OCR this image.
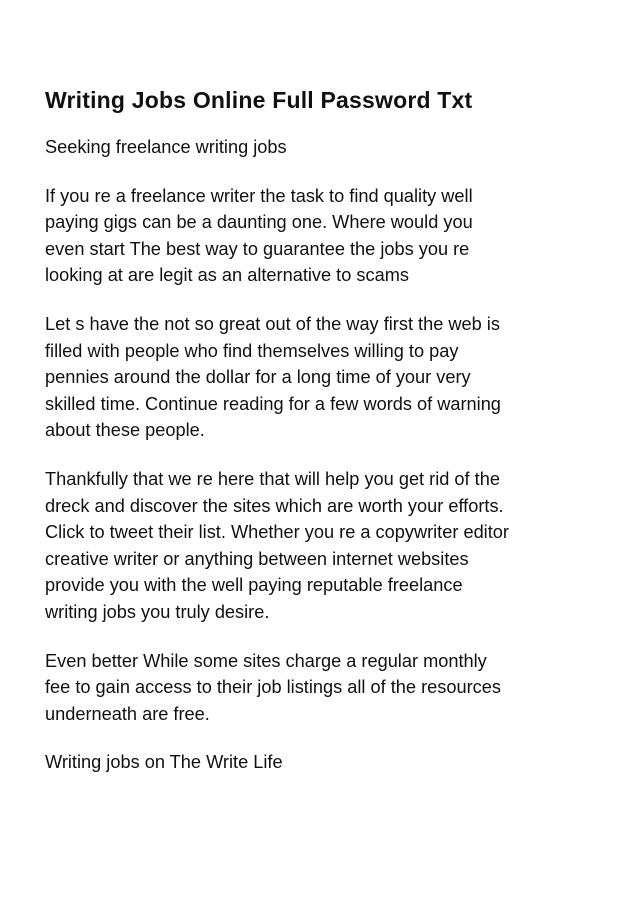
Writing Jobs Online Full Password Txt

Seeking freelance writing jobs

If you re a freelance writer the task to find quality well
paying gigs can be a daunting one. Where would you
even start The best way to guarantee the jobs you re
looking at are legit as an alternative to scams

Let s have the not so great out of the way first the web is
filled with people who find themselves willing to pay
pennies around the dollar for a long time of your very
skilled time. Continue reading for a few words of warning
about these people.

Thankfully that we re here that will help you get rid of the
dreck and discover the sites which are worth your efforts.
Click to tweet their list. Whether you re a copywriter editor
creative writer or anything between internet websites
provide you with the well paying reputable freelance
writing jobs you truly desire.

Even better While some sites charge a regular monthly
fee to gain access to their job listings all of the resources
underneath are free.

Writing jobs on The Write Life
